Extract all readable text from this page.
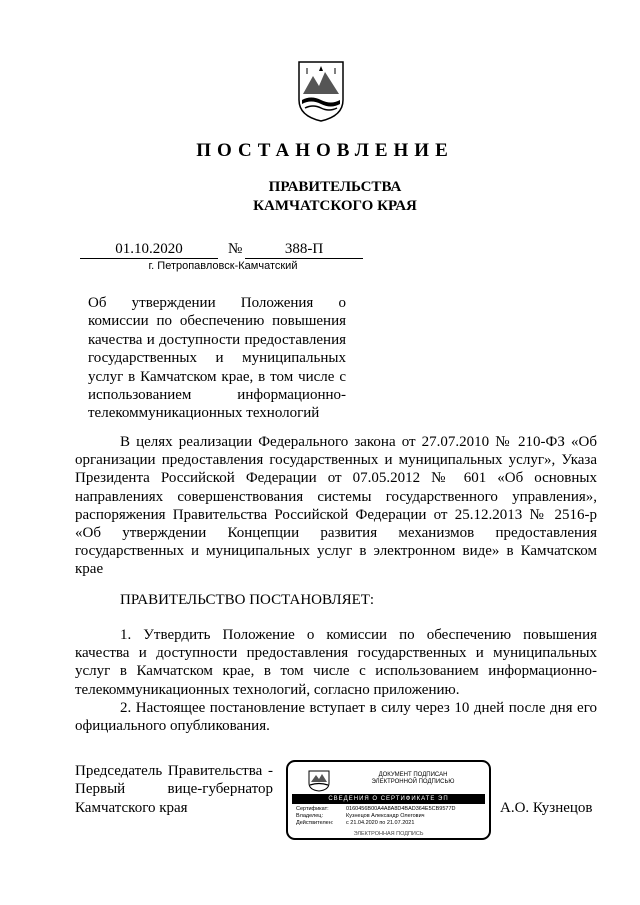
ПОСТАНОВЛЕНИЕ
ПРАВИТЕЛЬСТВА
КАМЧАТСКОГО КРАЯ
01.10.2020	№	388-П
г. Петропавловск-Камчатский
Об утверждении Положения о комиссии по обеспечению повышения качества и доступности предоставления государственных и муниципальных услуг в Камчатском крае, в том числе с использованием информационно-телекоммуникационных технологий
В целях реализации Федерального закона от 27.07.2010 № 210-ФЗ «Об организации предоставления государственных и муниципальных услуг», Указа Президента Российской Федерации от 07.05.2012 № 601 «Об основных направлениях совершенствования системы государственного управления», распоряжения Правительства Российской Федерации от 25.12.2013 № 2516-р «Об утверждении Концепции развития механизмов предоставления государственных и муниципальных услуг в электронном виде» в Камчатском крае
ПРАВИТЕЛЬСТВО ПОСТАНОВЛЯЕТ:
1. Утвердить Положение о комиссии по обеспечению повышения качества и доступности предоставления государственных и муниципальных услуг в Камчатском крае, в том числе с использованием информационно-телекоммуникационных технологий, согласно приложению.
2. Настоящее постановление вступает в силу через 10 дней после дня его официального опубликования.
Председатель Правительства - Первый вице-губернатор Камчатского края
ДОКУМЕНТ ПОДПИСАН
ЭЛЕКТРОННОЙ ПОДПИСЬЮ
СВЕДЕНИЯ О СЕРТИФИКАТЕ ЭП
Сертификат:	0160456B00A4A8A8D4BAD364E5CB9577D
Владелец:	Кузнецов Александр Олегович
Действителен: с 21.04.2020 по 21.07.2021
ЭЛЕКТРОННАЯ ПОДПИСЬ
А.О. Кузнецов
